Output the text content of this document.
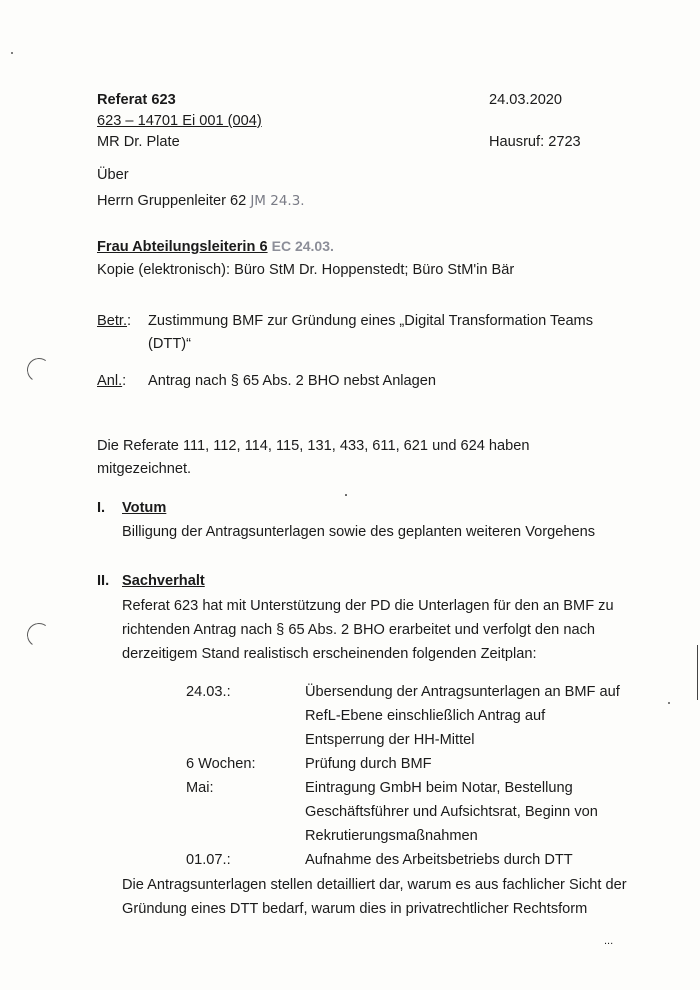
Referat 623
623 – 14701 Ei 001 (004)
MR Dr. Plate
24.03.2020
Hausruf: 2723
Über
Herrn Gruppenleiter 62 JM 24.3.
Frau Abteilungsleiterin 6 EC 24.03.
Kopie (elektronisch): Büro StM Dr. Hoppenstedt; Büro StM'in Bär
Betr.: Zustimmung BMF zur Gründung eines „Digital Transformation Teams
(DTT)“
Anl.: Antrag nach § 65 Abs. 2 BHO nebst Anlagen
Die Referate 111, 112, 114, 115, 131, 433, 611, 621 und 624 haben
mitgezeichnet.
I. Votum
Billigung der Antragsunterlagen sowie des geplanten weiteren Vorgehens
II. Sachverhalt
Referat 623 hat mit Unterstützung der PD die Unterlagen für den an BMF zu
richtenden Antrag nach § 65 Abs. 2 BHO erarbeitet und verfolgt den nach
derzeitigem Stand realistisch erscheinenden folgenden Zeitplan:
24.03.:	Übersendung der Antragsunterlagen an BMF auf
RefL-Ebene einschließlich Antrag auf
Entsperrung der HH-Mittel
6 Wochen:	Prüfung durch BMF
Mai:	Eintragung GmbH beim Notar, Bestellung
Geschäftsführer und Aufsichtsrat, Beginn von
Rekrutierungsmaßnahmen
01.07.:	Aufnahme des Arbeitsbetriebs durch DTT
Die Antragsunterlagen stellen detailliert dar, warum es aus fachlicher Sicht der
Gründung eines DTT bedarf, warum dies in privatrechtlicher Rechtsform
...
